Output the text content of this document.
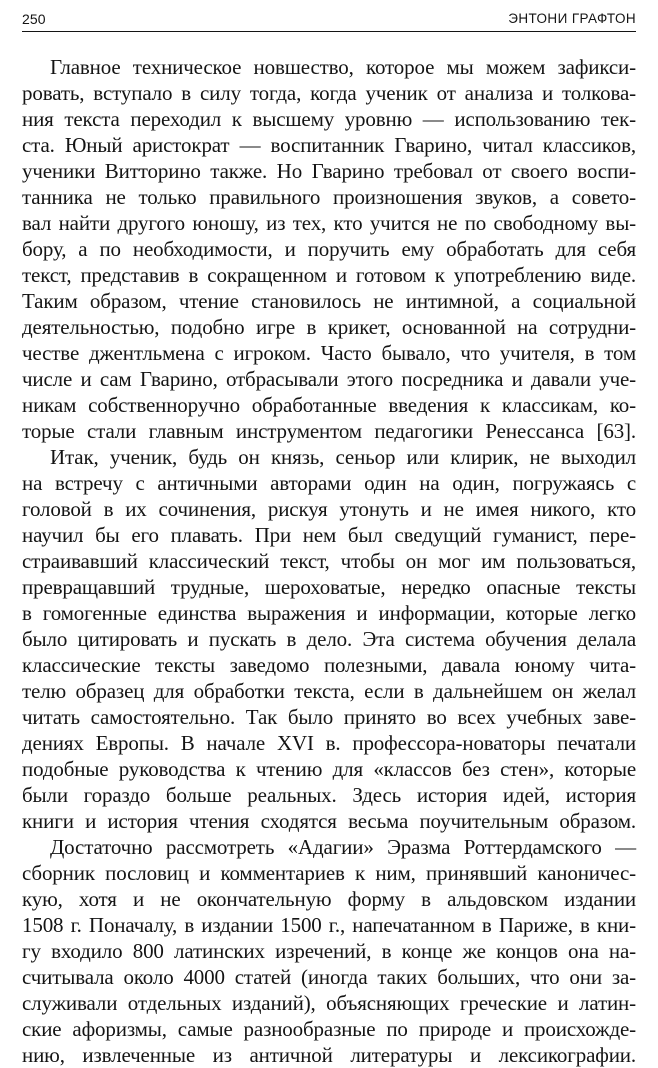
250	ЭНТОНИ ГРАФТОН
Главное техническое новшество, которое мы можем зафикси-
ровать, вступало в силу тогда, когда ученик от анализа и толкова-
ния текста переходил к высшему уровню — использованию тек-
ста. Юный аристократ — воспитанник Гварино, читал классиков,
ученики Витторино также. Но Гварино требовал от своего воспи-
танника не только правильного произношения звуков, а совето-
вал найти другого юношу, из тех, кто учится не по свободному вы-
бору, а по необходимости, и поручить ему обработать для себя
текст, представив в сокращенном и готовом к употреблению виде.
Таким образом, чтение становилось не интимной, а социальной
деятельностью, подобно игре в крикет, основанной на сотрудни-
честве джентльмена с игроком. Часто бывало, что учителя, в том
числе и сам Гварино, отбрасывали этого посредника и давали уче-
никам собственноручно обработанные введения к классикам, ко-
торые стали главным инструментом педагогики Ренессанса [63].
Итак, ученик, будь он князь, сеньор или клирик, не выходил
на встречу с античными авторами один на один, погружаясь с
головой в их сочинения, рискуя утонуть и не имея никого, кто
научил бы его плавать. При нем был сведущий гуманист, пере-
страивавший классический текст, чтобы он мог им пользоваться,
превращавший трудные, шероховатые, нередко опасные тексты
в гомогенные единства выражения и информации, которые легко
было цитировать и пускать в дело. Эта система обучения делала
классические тексты заведомо полезными, давала юному чита-
телю образец для обработки текста, если в дальнейшем он желал
читать самостоятельно. Так было принято во всех учебных заве-
дениях Европы. В начале XVI в. профессора-новаторы печатали
подобные руководства к чтению для «классов без стен», которые
были гораздо больше реальных. Здесь история идей, история
книги и история чтения сходятся весьма поучительным образом.
Достаточно рассмотреть «Адагии» Эразма Роттердамского —
сборник пословиц и комментариев к ним, принявший каноничес-
кую, хотя и не окончательную форму в альдовском издании
1508 г. Поначалу, в издании 1500 г., напечатанном в Париже, в кни-
гу входило 800 латинских изречений, в конце же концов она на-
считывала около 4000 статей (иногда таких больших, что они за-
служивали отдельных изданий), объясняющих греческие и латин-
ские афоризмы, самые разнообразные по природе и происхожде-
нию, извлеченные из античной литературы и лексикографии.
